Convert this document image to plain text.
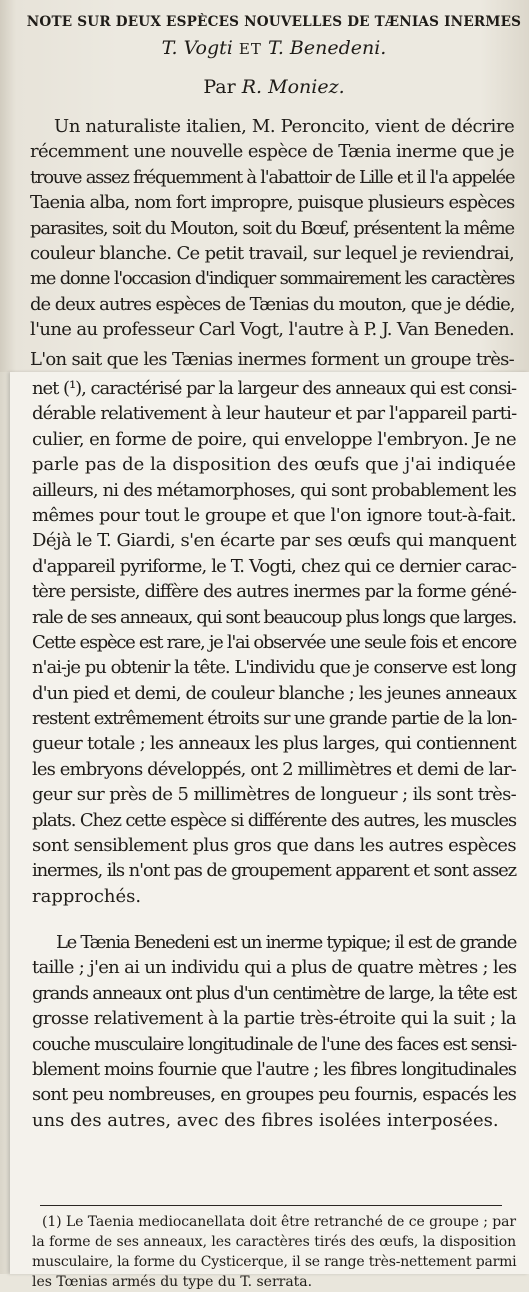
NOTE SUR DEUX ESPÈCES NOUVELLES DE TÆNIAS INERMES
T. Vogti ET T. Benedeni.
Par R. Moniez.
Un naturaliste italien, M. Peroncito, vient de décrire
récemment une nouvelle espèce de Tænia inerme que je
trouve assez fréquemment à l'abattoir de Lille et il l'a appelée
Taenia alba, nom fort impropre, puisque plusieurs espèces
parasites, soit du Mouton, soit du Bœuf, présentent la même
couleur blanche. Ce petit travail, sur lequel je reviendrai,
me donne l'occasion d'indiquer sommairement les caractères
de deux autres espèces de Tænias du mouton, que je dédie,
l'une au professeur Carl Vogt, l'autre à P. J. Van Beneden.
L'on sait que les Tænias inermes forment un groupe très-
net (¹), caractérisé par la largeur des anneaux qui est consi-
dérable relativement à leur hauteur et par l'appareil parti-
culier, en forme de poire, qui enveloppe l'embryon. Je ne
parle pas de la disposition des œufs que j'ai indiquée
ailleurs, ni des métamorphoses, qui sont probablement les
mêmes pour tout le groupe et que l'on ignore tout-à-fait.
Déjà le T. Giardi, s'en écarte par ses œufs qui manquent
d'appareil pyriforme, le T. Vogti, chez qui ce dernier carac-
tère persiste, diffère des autres inermes par la forme géné-
rale de ses anneaux, qui sont beaucoup plus longs que larges.
Cette espèce est rare, je l'ai observée une seule fois et encore
n'ai-je pu obtenir la tête. L'individu que je conserve est long
d'un pied et demi, de couleur blanche ; les jeunes anneaux
restent extrêmement étroits sur une grande partie de la lon-
gueur totale ; les anneaux les plus larges, qui contiennent
les embryons développés, ont 2 millimètres et demi de lar-
geur sur près de 5 millimètres de longueur ; ils sont très-
plats. Chez cette espèce si différente des autres, les muscles
sont sensiblement plus gros que dans les autres espèces
inermes, ils n'ont pas de groupement apparent et sont assez
rapprochés.
Le Tænia Benedeni est un inerme typique; il est de grande
taille ; j'en ai un individu qui a plus de quatre mètres ; les
grands anneaux ont plus d'un centimètre de large, la tête est
grosse relativement à la partie très-étroite qui la suit ; la
couche musculaire longitudinale de l'une des faces est sensi-
blement moins fournie que l'autre ; les fibres longitudinales
sont peu nombreuses, en groupes peu fournis, espacés les
uns des autres, avec des fibres isolées interposées.
(1) Le Taenia mediocanellata doit être retranché de ce groupe ; par
la forme de ses anneaux, les caractères tirés des œufs, la disposition
musculaire, la forme du Cysticerque, il se range très-nettement parmi
les Tœnias armés du type du T. serrata.
